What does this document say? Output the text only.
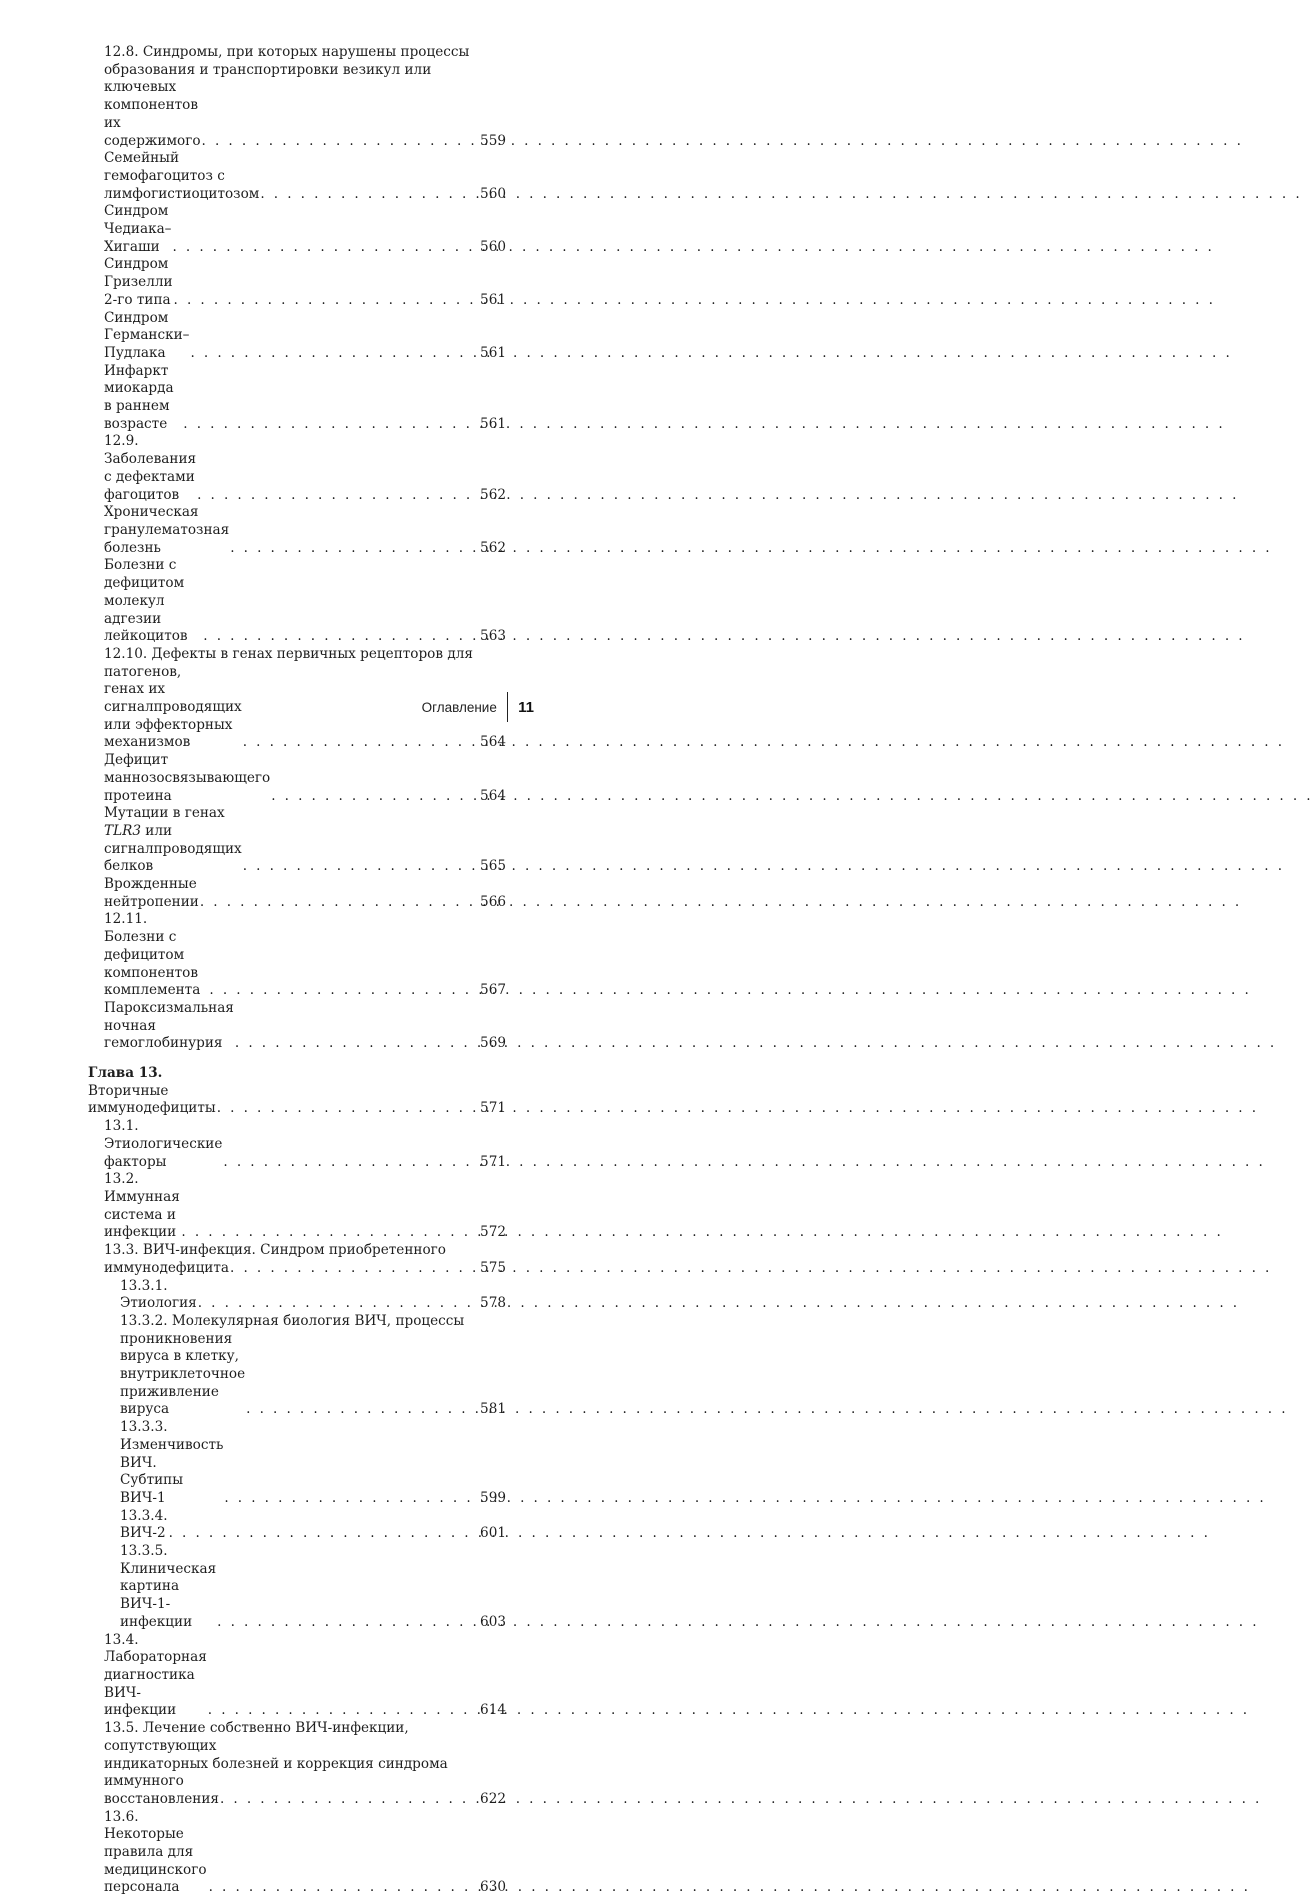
12.8. Синдромы, при которых нарушены процессы
образования и транспортировки везикул или ключевых
компонентов их содержимого . . .	559
Семейный гемофагоцитоз с лимфогистиоцитозом . . .	560
Синдром Чедиака–Хигаши . . .	560
Синдром Гризелли 2-го типа . . .	561
Синдром Германски–Пудлака . . .	561
Инфаркт миокарда в раннем возрасте . . .	561
12.9. Заболевания с дефектами фагоцитов . . .	562
Хроническая гранулематозная болезнь . . .	562
Болезни с дефицитом молекул адгезии лейкоцитов . . .	563
12.10. Дефекты в генах первичных рецепторов для патогенов,
генах их сигналпроводящих или эффекторных механизмов . . .	564
Дефицит маннозосвязывающего протеина . . .	564
Мутации в генах TLR3 или сигналпроводящих белков . . .	565
Врожденные нейтропении . . .	566
12.11. Болезни с дефицитом компонентов комплемента . . .	567
Пароксизмальная ночная гемоглобинурия . . .	569
Глава 13. Вторичные иммунодефициты . . .	571
13.1. Этиологические факторы . . .	571
13.2. Иммунная система и инфекции . . .	572
13.3. ВИЧ-инфекция. Синдром приобретенного
иммунодефицита . . .	575
13.3.1. Этиология . . .	578
13.3.2. Молекулярная биология ВИЧ, процессы проникновения
вируса в клетку, внутриклеточное приживление вируса . . .	581
13.3.3. Изменчивость ВИЧ. Субтипы ВИЧ-1 . . .	599
13.3.4. ВИЧ-2 . . .	601
13.3.5. Клиническая картина ВИЧ-1-инфекции . . .	603
13.4. Лабораторная диагностика ВИЧ-инфекции . . .	614
13.5. Лечение собственно ВИЧ-инфекции, сопутствующих
индикаторных болезней и коррекция синдрома иммунного
восстановления . . .	622
13.6. Некоторые правила для медицинского персонала . . .	630
Оглавление 11
